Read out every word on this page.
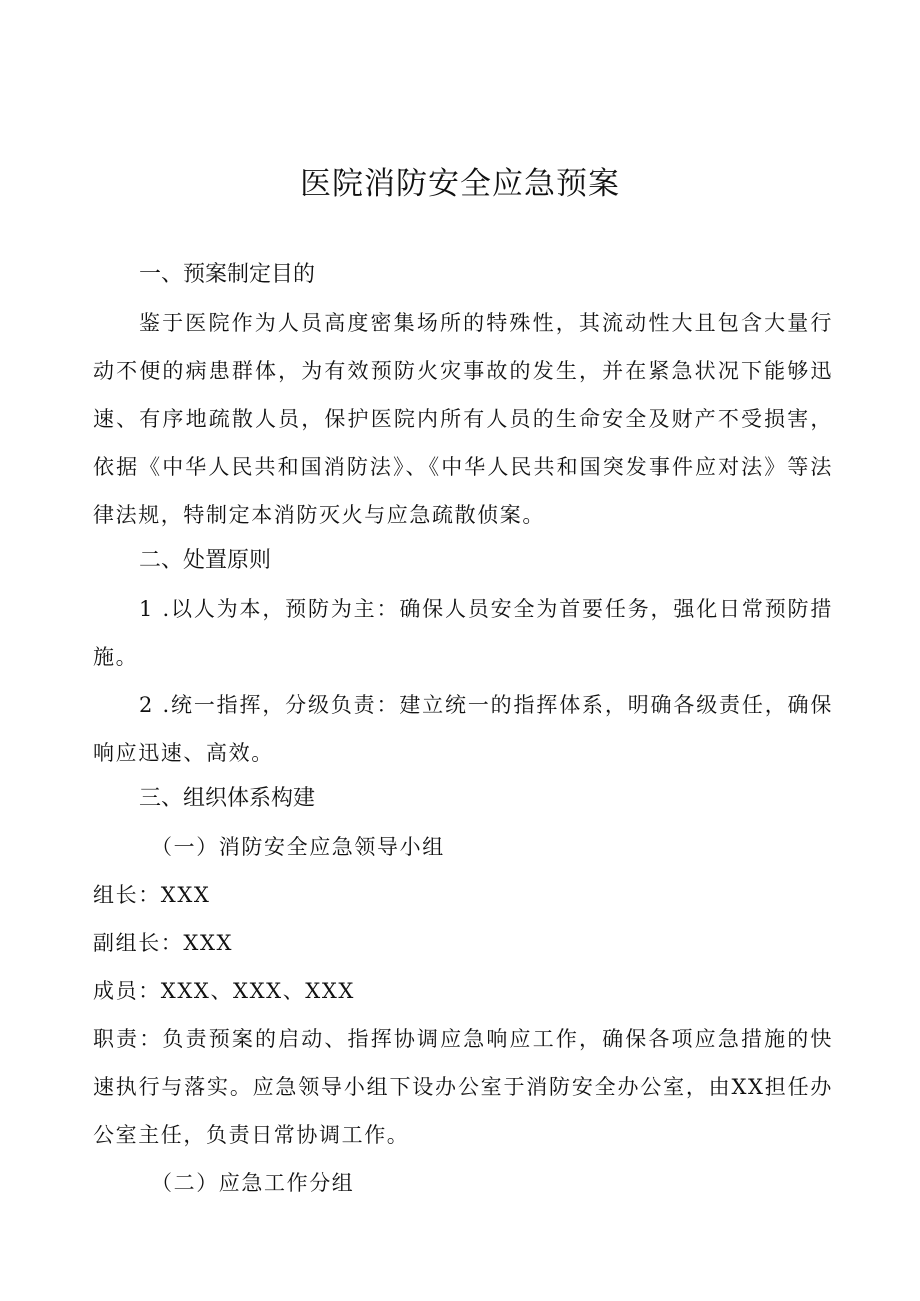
医院消防安全应急预案
一、预案制定目的

鉴于医院作为人员高度密集场所的特殊性，其流动性大且包含大量行动不便的病患群体，为有效预防火灾事故的发生，并在紧急状况下能够迅速、有序地疏散人员，保护医院内所有人员的生命安全及财产不受损害，依据《中华人民共和国消防法》、《中华人民共和国突发事件应对法》等法律法规，特制定本消防灭火与应急疏散侦案。

二、处置原则

1 .以人为本，预防为主：确保人员安全为首要任务，强化日常预防措施。

2 .统一指挥，分级负责：建立统一的指挥体系，明确各级责任，确保响应迅速、高效。

三、组织体系构建

（一）消防安全应急领导小组

组长：XXX

副组长：XXX

成员：XXX、XXX、XXX

职责：负责预案的启动、指挥协调应急响应工作，确保各项应急措施的快速执行与落实。应急领导小组下设办公室于消防安全办公室，由XX担任办公室主任，负责日常协调工作。

（二）应急工作分组
